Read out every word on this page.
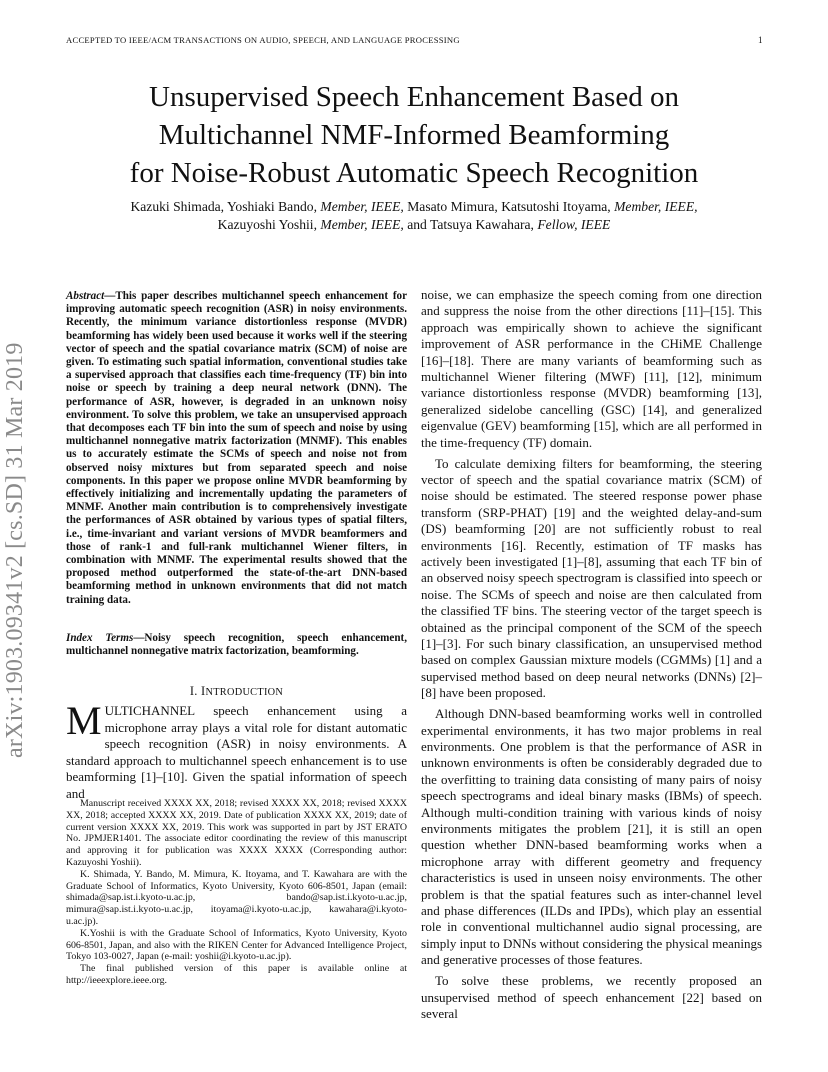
ACCEPTED TO IEEE/ACM TRANSACTIONS ON AUDIO, SPEECH, AND LANGUAGE PROCESSING	1
Unsupervised Speech Enhancement Based on
Multichannel NMF-Informed Beamforming
for Noise-Robust Automatic Speech Recognition
Kazuki Shimada, Yoshiaki Bando, Member, IEEE, Masato Mimura, Katsutoshi Itoyama, Member, IEEE,
Kazuyoshi Yoshii, Member, IEEE, and Tatsuya Kawahara, Fellow, IEEE
arXiv:1903.09341v2 [cs.SD] 31 Mar 2019
Abstract—This paper describes multichannel speech enhancement for improving automatic speech recognition (ASR) in noisy environments. Recently, the minimum variance distortionless response (MVDR) beamforming has widely been used because it works well if the steering vector of speech and the spatial covariance matrix (SCM) of noise are given. To estimating such spatial information, conventional studies take a supervised approach that classifies each time-frequency (TF) bin into noise or speech by training a deep neural network (DNN). The performance of ASR, however, is degraded in an unknown noisy environment. To solve this problem, we take an unsupervised approach that decomposes each TF bin into the sum of speech and noise by using multichannel nonnegative matrix factorization (MNMF). This enables us to accurately estimate the SCMs of speech and noise not from observed noisy mixtures but from separated speech and noise components. In this paper we propose online MVDR beamforming by effectively initializing and incrementally updating the parameters of MNMF. Another main contribution is to comprehensively investigate the performances of ASR obtained by various types of spatial filters, i.e., time-invariant and variant versions of MVDR beamformers and those of rank-1 and full-rank multichannel Wiener filters, in combination with MNMF. The experimental results showed that the proposed method outperformed the state-of-the-art DNN-based beamforming method in unknown environments that did not match training data.
Index Terms—Noisy speech recognition, speech enhancement, multichannel nonnegative matrix factorization, beamforming.
I. INTRODUCTION
MULTICHANNEL speech enhancement using a microphone array plays a vital role for distant automatic speech recognition (ASR) in noisy environments. A standard approach to multichannel speech enhancement is to use beamforming [1]–[10]. Given the spatial information of speech and

Manuscript received XXXX XX, 2018; revised XXXX XX, 2018; revised XXXX XX, 2018; accepted XXXX XX, 2019. Date of publication XXXX XX, 2019; date of current version XXXX XX, 2019. This work was supported in part by JST ERATO No. JPMJER1401. The associate editor coordinating the review of this manuscript and approving it for publication was XXXX XXXX (Corresponding author: Kazuyoshi Yoshii).

K. Shimada, Y. Bando, M. Mimura, K. Itoyama, and T. Kawahara are with the Graduate School of Informatics, Kyoto University, Kyoto 606-8501, Japan (email: shimada@sap.ist.i.kyoto-u.ac.jp, bando@sap.ist.i.kyoto-u.ac.jp, mimura@sap.ist.i.kyoto-u.ac.jp, itoyama@i.kyoto-u.ac.jp, kawahara@i.kyoto-u.ac.jp).

K.Yoshii is with the Graduate School of Informatics, Kyoto University, Kyoto 606-8501, Japan, and also with the RIKEN Center for Advanced Intelligence Project, Tokyo 103-0027, Japan (e-mail: yoshii@i.kyoto-u.ac.jp).

The final published version of this paper is available online at http://ieeexplore.ieee.org.

noise, we can emphasize the speech coming from one direction and suppress the noise from the other directions [11]–[15]. This approach was empirically shown to achieve the significant improvement of ASR performance in the CHiME Challenge [16]–[18]. There are many variants of beamforming such as multichannel Wiener filtering (MWF) [11], [12], minimum variance distortionless response (MVDR) beamforming [13], generalized sidelobe cancelling (GSC) [14], and generalized eigenvalue (GEV) beamforming [15], which are all performed in the time-frequency (TF) domain.

To calculate demixing filters for beamforming, the steering vector of speech and the spatial covariance matrix (SCM) of noise should be estimated. The steered response power phase transform (SRP-PHAT) [19] and the weighted delay-and-sum (DS) beamforming [20] are not sufficiently robust to real environments [16]. Recently, estimation of TF masks has actively been investigated [1]–[8], assuming that each TF bin of an observed noisy speech spectrogram is classified into speech or noise. The SCMs of speech and noise are then calculated from the classified TF bins. The steering vector of the target speech is obtained as the principal component of the SCM of the speech [1]–[3]. For such binary classification, an unsupervised method based on complex Gaussian mixture models (CGMMs) [1] and a supervised method based on deep neural networks (DNNs) [2]–[8] have been proposed.

Although DNN-based beamforming works well in controlled experimental environments, it has two major problems in real environments. One problem is that the performance of ASR in unknown environments is often be considerably degraded due to the overfitting to training data consisting of many pairs of noisy speech spectrograms and ideal binary masks (IBMs) of speech. Although multi-condition training with various kinds of noisy environments mitigates the problem [21], it is still an open question whether DNN-based beamforming works when a microphone array with different geometry and frequency characteristics is used in unseen noisy environments. The other problem is that the spatial features such as inter-channel level and phase differences (ILDs and IPDs), which play an essential role in conventional multichannel audio signal processing, are simply input to DNNs without considering the physical meanings and generative processes of those features.

To solve these problems, we recently proposed an unsupervised method of speech enhancement [22] based on several
